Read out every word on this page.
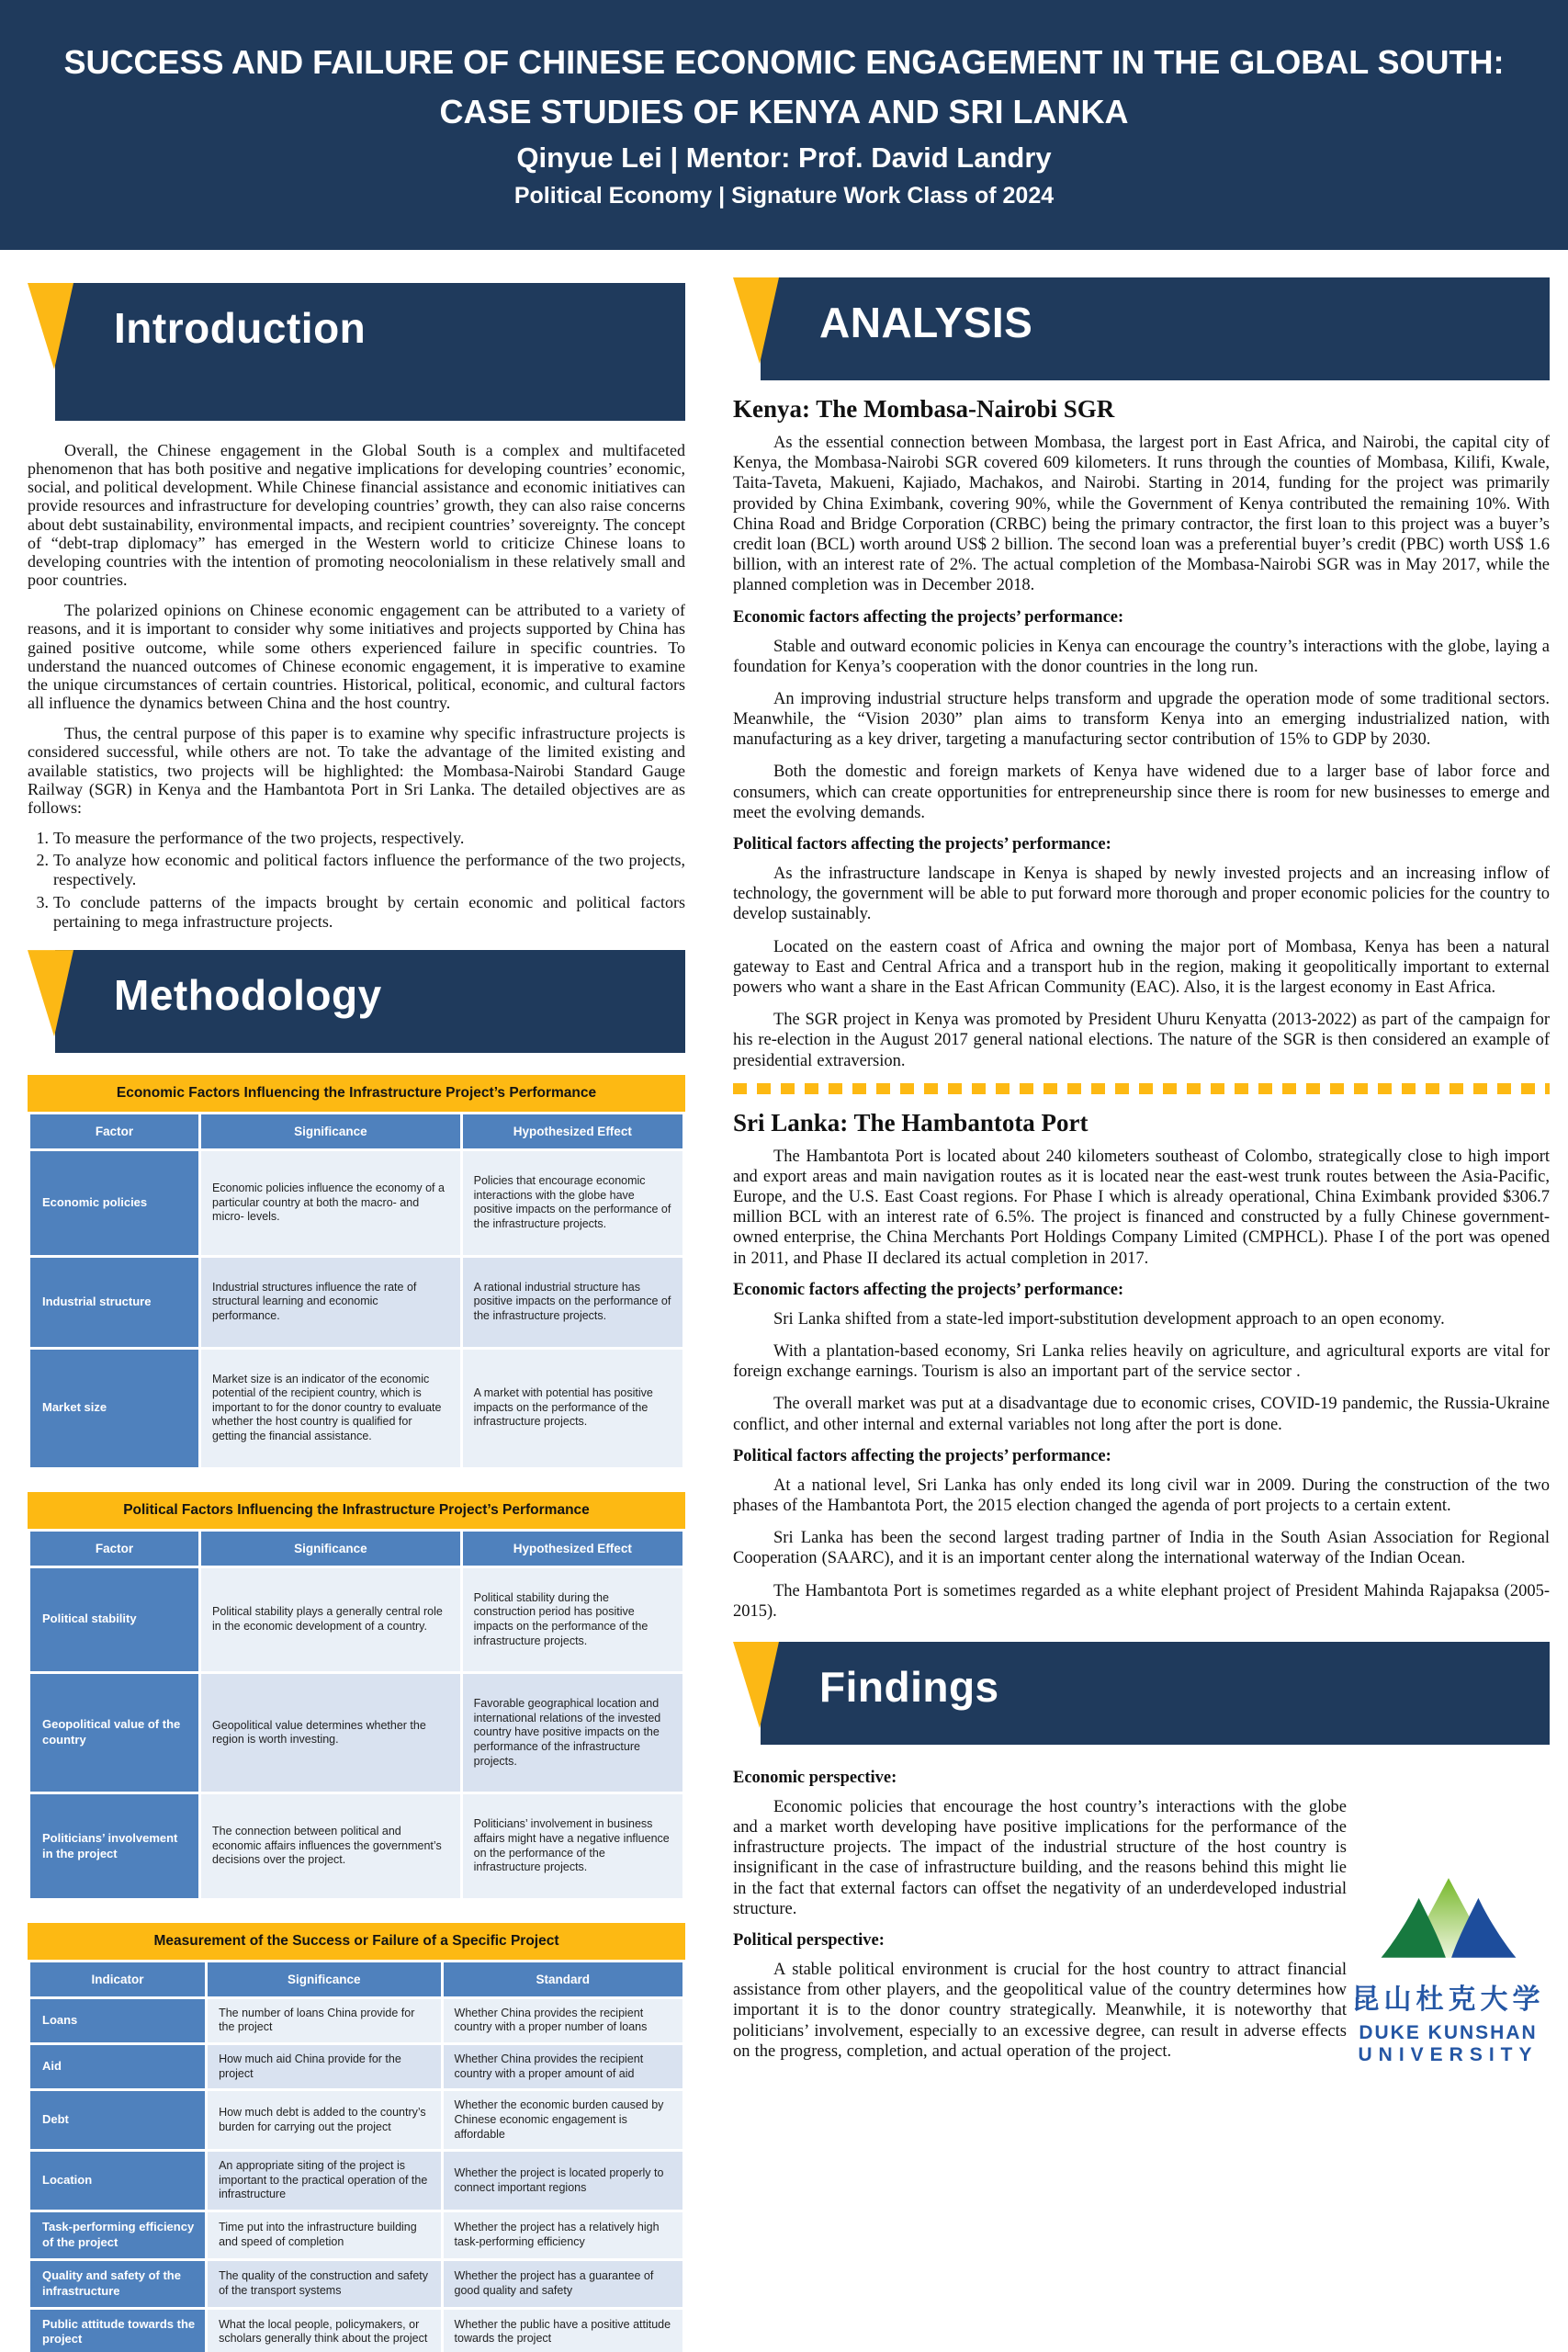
SUCCESS AND FAILURE OF CHINESE ECONOMIC ENGAGEMENT IN THE GLOBAL SOUTH:
CASE STUDIES OF KENYA AND SRI LANKA
Qinyue Lei | Mentor: Prof. David Landry
Political Economy | Signature Work Class of 2024
Introduction

Overall, the Chinese engagement in the Global South is a complex and multifaceted phenomenon that has both positive and negative implications for developing countries’ economic, social, and political development. While Chinese financial assistance and economic initiatives can provide resources and infrastructure for developing countries’ growth, they can also raise concerns about debt sustainability, environmental impacts, and recipient countries’ sovereignty. The concept of “debt-trap diplomacy” has emerged in the Western world to criticize Chinese loans to developing countries with the intention of promoting neocolonialism in these relatively small and poor countries.

The polarized opinions on Chinese economic engagement can be attributed to a variety of reasons, and it is important to consider why some initiatives and projects supported by China has gained positive outcome, while some others experienced failure in specific countries. To understand the nuanced outcomes of Chinese economic engagement, it is imperative to examine the unique circumstances of certain countries. Historical, political, economic, and cultural factors all influence the dynamics between China and the host country.

Thus, the central purpose of this paper is to examine why specific infrastructure projects is considered successful, while others are not. To take the advantage of the limited existing and available statistics, two projects will be highlighted: the Mombasa-Nairobi Standard Gauge Railway (SGR) in Kenya and the Hambantota Port in Sri Lanka. The detailed objectives are as follows:

1. To measure the performance of the two projects, respectively.
2. To analyze how economic and political factors influence the performance of the two projects, respectively.
3. To conclude patterns of the impacts brought by certain economic and political factors pertaining to mega infrastructure projects.
Methodology
Economic Factors Influencing the Infrastructure Project’s Performance
Factor	Significance	Hypothesized Effect
Economic policies	Economic policies influence the economy of a particular country at both the macro- and micro- levels.	Policies that encourage economic interactions with the globe have positive impacts on the performance of the infrastructure projects.
Industrial structure	Industrial structures influence the rate of structural learning and economic performance.	A rational industrial structure has positive impacts on the performance of the infrastructure projects.
Market size	Market size is an indicator of the economic potential of the recipient country, which is important to for the donor country to evaluate whether the host country is qualified for getting the financial assistance.	A market with potential has positive impacts on the performance of the infrastructure projects.
Political Factors Influencing the Infrastructure Project’s Performance
Factor	Significance	Hypothesized Effect
Political stability	Political stability plays a generally central role in the economic development of a country.	Political stability during the construction period has positive impacts on the performance of the infrastructure projects.
Geopolitical value of the country	Geopolitical value determines whether the region is worth investing.	Favorable geographical location and international relations of the invested country have positive impacts on the performance of the infrastructure projects.
Politicians’ involvement in the project	The connection between political and economic affairs influences the government’s decisions over the project.	Politicians’ involvement in business affairs might have a negative influence on the performance of the infrastructure projects.
Measurement of the Success or Failure of a Specific Project
Indicator	Significance	Standard
Loans	The number of loans China provide for the project	Whether China provides the recipient country with a proper number of loans
Aid	How much aid China provide for the project	Whether China provides the recipient country with a proper amount of aid
Debt	How much debt is added to the country’s burden for carrying out the project	Whether the economic burden caused by Chinese economic engagement is affordable
Location	An appropriate siting of the project is important to the practical operation of the infrastructure	Whether the project is located properly to connect important regions
Task-performing efficiency of the project	Time put into the infrastructure building and speed of completion	Whether the project has a relatively high task-performing efficiency
Quality and safety of the infrastructure	The quality of the construction and safety of the transport systems	Whether the project has a guarantee of good quality and safety
Public attitude towards the project	What the local people, policymakers, or scholars generally think about the project	Whether the public have a positive attitude towards the project
ANALYSIS
Kenya: The Mombasa-Nairobi SGR

As the essential connection between Mombasa, the largest port in East Africa, and Nairobi, the capital city of Kenya, the Mombasa-Nairobi SGR covered 609 kilometers. It runs through the counties of Mombasa, Kilifi, Kwale, Taita-Taveta, Makueni, Kajiado, Machakos, and Nairobi. Starting in 2014, funding for the project was primarily provided by China Eximbank, covering 90%, while the Government of Kenya contributed the remaining 10%. With China Road and Bridge Corporation (CRBC) being the primary contractor, the first loan to this project was a buyer’s credit loan (BCL) worth around US$ 2 billion. The second loan was a preferential buyer’s credit (PBC) worth US$ 1.6 billion, with an interest rate of 2%. The actual completion of the Mombasa-Nairobi SGR was in May 2017, while the planned completion was in December 2018.

Economic factors affecting the projects’ performance:

Stable and outward economic policies in Kenya can encourage the country’s interactions with the globe, laying a foundation for Kenya’s cooperation with the donor countries in the long run.

An improving industrial structure helps transform and upgrade the operation mode of some traditional sectors. Meanwhile, the “Vision 2030” plan aims to transform Kenya into an emerging industrialized nation, with manufacturing as a key driver, targeting a manufacturing sector contribution of 15% to GDP by 2030.

Both the domestic and foreign markets of Kenya have widened due to a larger base of labor force and consumers, which can create opportunities for entrepreneurship since there is room for new businesses to emerge and meet the evolving demands.

Political factors affecting the projects’ performance:

As the infrastructure landscape in Kenya is shaped by newly invested projects and an increasing inflow of technology, the government will be able to put forward more thorough and proper economic policies for the country to develop sustainably.

Located on the eastern coast of Africa and owning the major port of Mombasa, Kenya has been a natural gateway to East and Central Africa and a transport hub in the region, making it geopolitically important to external powers who want a share in the East African Community (EAC). Also, it is the largest economy in East Africa.

The SGR project in Kenya was promoted by President Uhuru Kenyatta (2013-2022) as part of the campaign for his re-election in the August 2017 general national elections. The nature of the SGR is then considered an example of presidential extraversion.

Sri Lanka: The Hambantota Port

The Hambantota Port is located about 240 kilometers southeast of Colombo, strategically close to high import and export areas and main navigation routes as it is located near the east-west trunk routes between the Asia-Pacific, Europe, and the U.S. East Coast regions. For Phase I which is already operational, China Eximbank provided $306.7 million BCL with an interest rate of 6.5%. The project is financed and constructed by a fully Chinese government-owned enterprise, the China Merchants Port Holdings Company Limited (CMPHCL). Phase I of the port was opened in 2011, and Phase II declared its actual completion in 2017.

Economic factors affecting the projects’ performance:

Sri Lanka shifted from a state-led import-substitution development approach to an open economy.

With a plantation-based economy, Sri Lanka relies heavily on agriculture, and agricultural exports are vital for foreign exchange earnings. Tourism is also an important part of the service sector .

The overall market was put at a disadvantage due to economic crises, COVID-19 pandemic, the Russia-Ukraine conflict, and other internal and external variables not long after the port is done.

Political factors affecting the projects’ performance:

At a national level, Sri Lanka has only ended its long civil war in 2009. During the construction of the two phases of the Hambantota Port, the 2015 election changed the agenda of port projects to a certain extent.

Sri Lanka has been the second largest trading partner of India in the South Asian Association for Regional Cooperation (SAARC), and it is an important center along the international waterway of the Indian Ocean.

The Hambantota Port is sometimes regarded as a white elephant project of President Mahinda Rajapaksa (2005-2015).

Findings

Economic perspective:

Economic policies that encourage the host country’s interactions with the globe and a market worth developing have positive implications for the performance of the infrastructure projects. The impact of the industrial structure of the host country is insignificant in the case of infrastructure building, and the reasons behind this might lie in the fact that external factors can offset the negativity of an underdeveloped industrial structure.

Political perspective:

A stable political environment is crucial for the host country to attract financial assistance from other players, and the geopolitical value of the country determines how important it is to the donor country strategically. Meanwhile, it is noteworthy that politicians’ involvement, especially to an excessive degree, can result in adverse effects on the progress, completion, and actual operation of the project.

昆山杜克大学
DUKE KUNSHAN
UNIVERSITY
